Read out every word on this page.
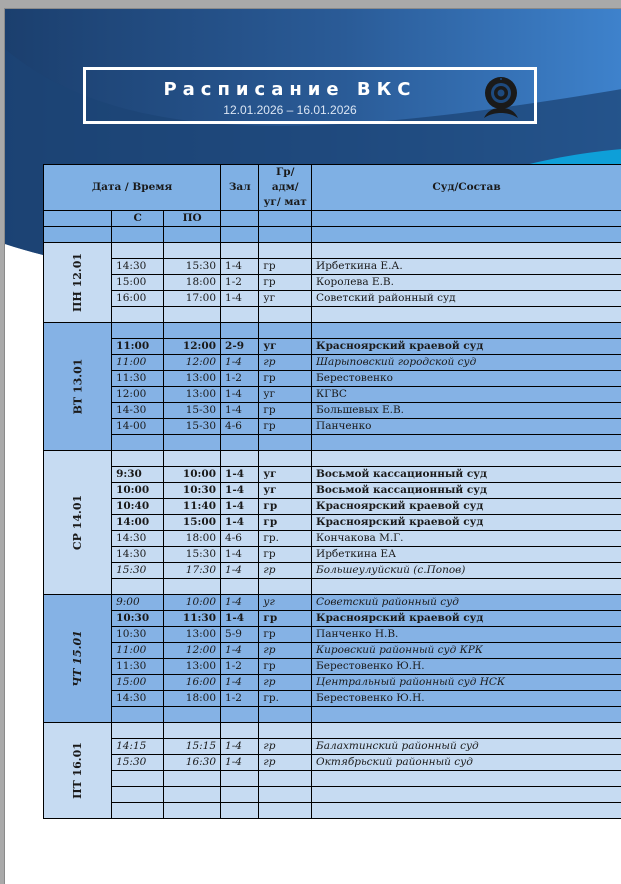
Расписание ВКС
12.01.2026 – 16.01.2026
Дата / Время			Зал	Гр/ адм/уг/ мат	Суд/Состав
	С	ПО			

ПН 12.01					
	14:30	15:30	1-4	гр	Ирбеткина Е.А.
	15:00	18:00	1-2	гр	Королева Е.В.
	16:00	17:00	1-4	уг	Советский районный суд

ВТ 13.01					
	11:00	12:00	2-9	уг	Красноярский краевой суд
	11:00	12:00	1-4	гр	Шарыповский городской суд
	11:30	13:00	1-2	гр	Берестовенко
	12:00	13:00	1-4	уг	КГВС
	14-30	15-30	1-4	гр	Большевых Е.В.
	14-00	15-30	4-6	гр	Панченко

СР 14.01					
	9:30	10:00	1-4	уг	Восьмой кассационный суд
	10:00	10:30	1-4	уг	Восьмой кассационный суд
	10:40	11:40	1-4	гр	Красноярский краевой суд
	14:00	15:00	1-4	гр	Красноярский краевой суд
	14:30	18:00	4-6	гр.	Кончакова М.Г.
	14:30	15:30	1-4	гр	Ирбеткина ЕА
	15:30	17:30	1-4	гр	Большеулуйский (с.Попов)

ЧТ 15.01	9:00	10:00	1-4	уг	Советский районный суд
	10:30	11:30	1-4	гр	Красноярский краевой суд
	10:30	13:00	5-9	гр	Панченко Н.В.
	11:00	12:00	1-4	гр	Кировский районный суд КРК
	11:30	13:00	1-2	гр	Берестовенко Ю.Н.
	15:00	16:00	1-4	гр	Центральный районный суд НСК
	14:30	18:00	1-2	гр.	Берестовенко Ю.Н.

ПТ 16.01					
	14:15	15:15	1-4	гр	Балахтинский районный суд
	15:30	16:30	1-4	гр	Октябрьский районный суд
